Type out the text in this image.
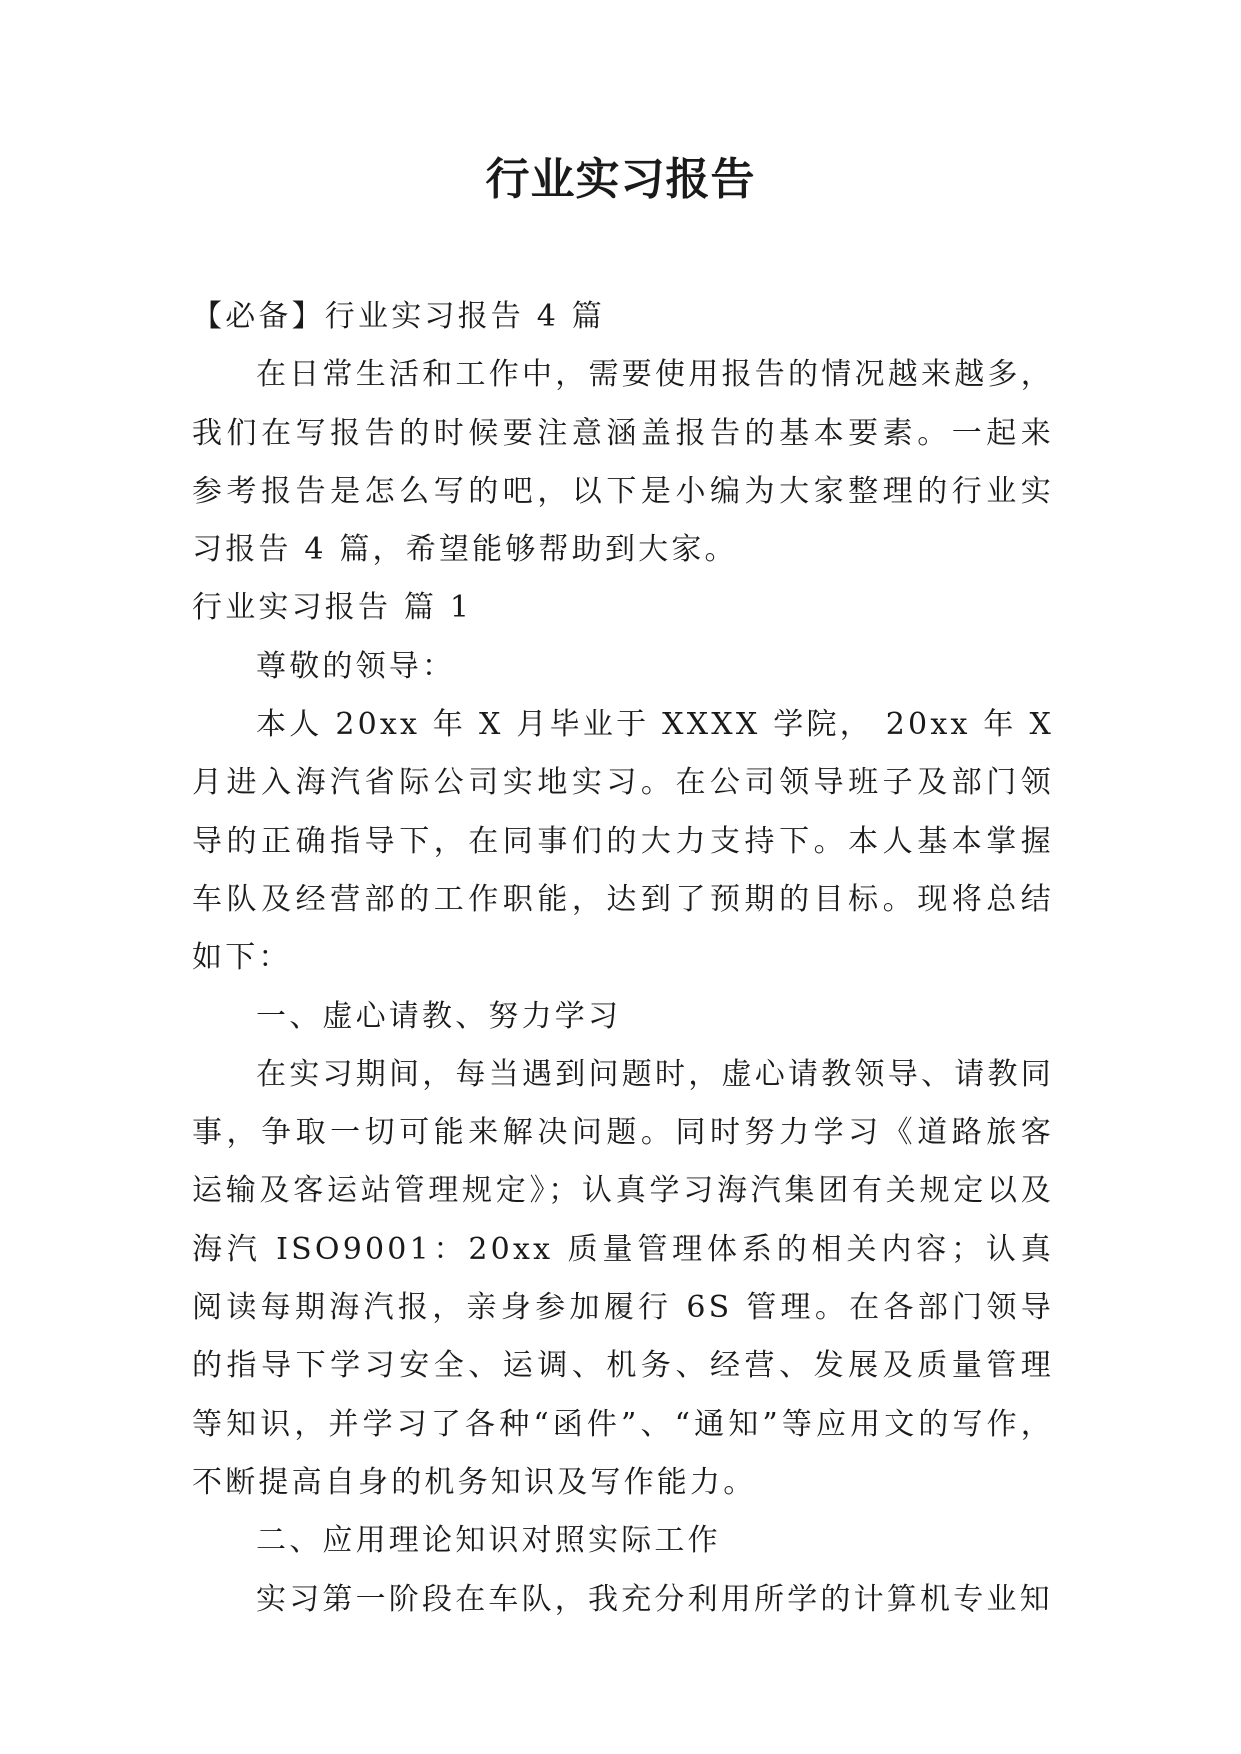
行业实习报告

【必备】行业实习报告 4 篇

在日常生活和工作中，需要使用报告的情况越来越多，我们在写报告的时候要注意涵盖报告的基本要素。一起来参考报告是怎么写的吧，以下是小编为大家整理的行业实习报告 4 篇，希望能够帮助到大家。

行业实习报告 篇 1

尊敬的领导：

本人 20xx 年 X 月毕业于 XXXX 学院， 20xx 年 X 月进入海汽省际公司实地实习。在公司领导班子及部门领导的正确指导下，在同事们的大力支持下。本人基本掌握车队及经营部的工作职能，达到了预期的目标。现将总结如下：

一、虚心请教、努力学习

在实习期间，每当遇到问题时，虚心请教领导、请教同事，争取一切可能来解决问题。同时努力学习《道路旅客运输及客运站管理规定》；认真学习海汽集团有关规定以及海汽 ISO9001：20xx 质量管理体系的相关内容；认真阅读每期海汽报，亲身参加履行 6S 管理。在各部门领导的指导下学习安全、运调、机务、经营、发展及质量管理等知识，并学习了各种“函件”、“通知”等应用文的写作，不断提高自身的机务知识及写作能力。

二、应用理论知识对照实际工作

实习第一阶段在车队，我充分利用所学的计算机专业知
